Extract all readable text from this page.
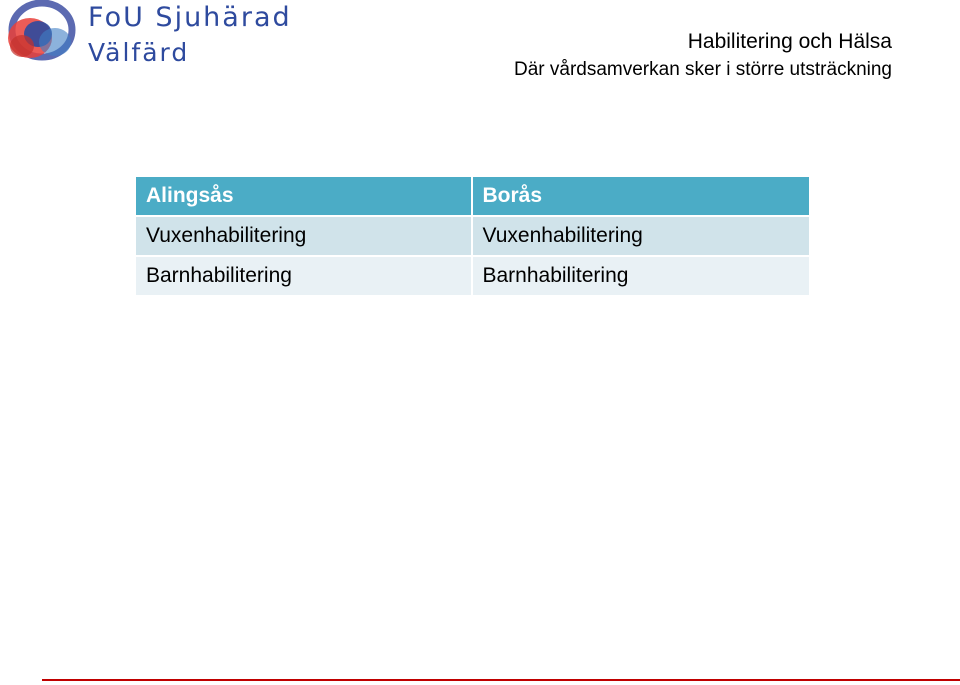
FoU Sjuhärad
Välfärd	Habilitering och Hälsa
Där vårdsamverkan sker i större utsträckning
Alingsås	Borås
Vuxenhabilitering	Vuxenhabilitering
Barnhabilitering	Barnhabilitering
